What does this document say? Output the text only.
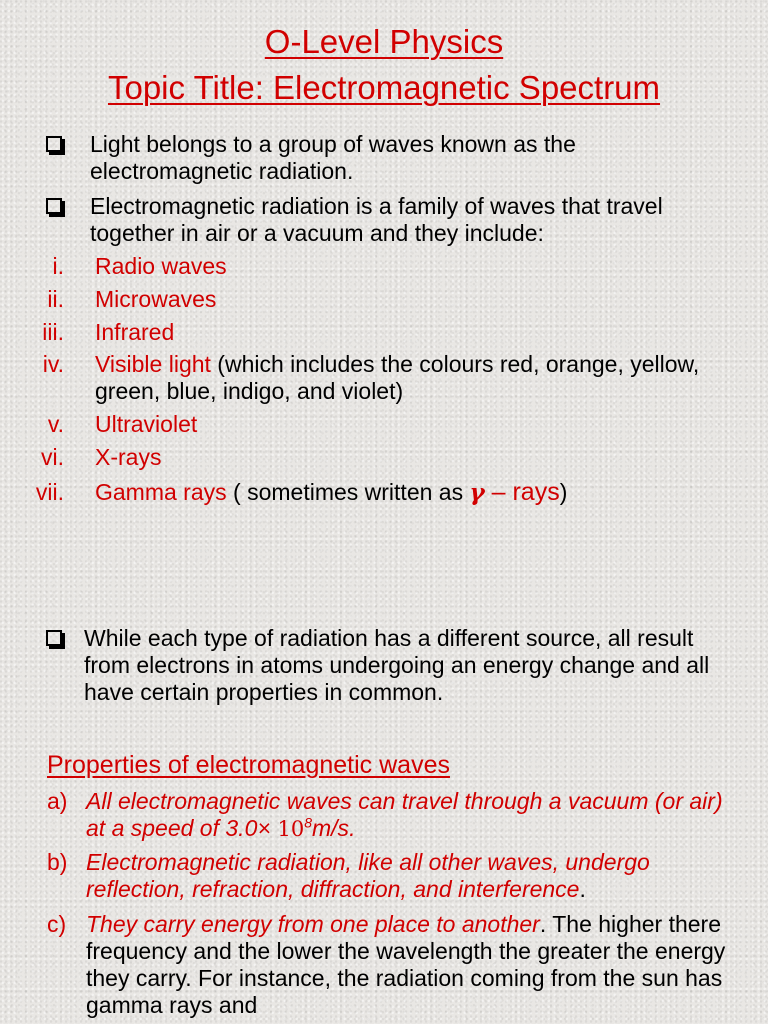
O-Level Physics
Topic Title: Electromagnetic Spectrum
Light belongs to a group of waves known as the electromagnetic radiation.
Electromagnetic radiation is a family of waves that travel together in air or a vacuum and they include:
i. Radio waves
ii. Microwaves
iii. Infrared
iv. Visible light (which includes the colours red, orange, yellow, green, blue, indigo, and violet)
v. Ultraviolet
vi. X-rays
vii. Gamma rays ( sometimes written as γ – rays)
While each type of radiation has a different source, all result from electrons in atoms undergoing an energy change and all have certain properties in common.
Properties of electromagnetic waves
a) All electromagnetic waves can travel through a vacuum (or air) at a speed of $3.0\times 10^8m/s$.
b) Electromagnetic radiation, like all other waves, undergo reflection, refraction, diffraction, and interference.
c) They carry energy from one place to another. The higher there frequency and the lower the wavelength the greater the energy they carry. For instance, the radiation coming from the sun has gamma rays and
